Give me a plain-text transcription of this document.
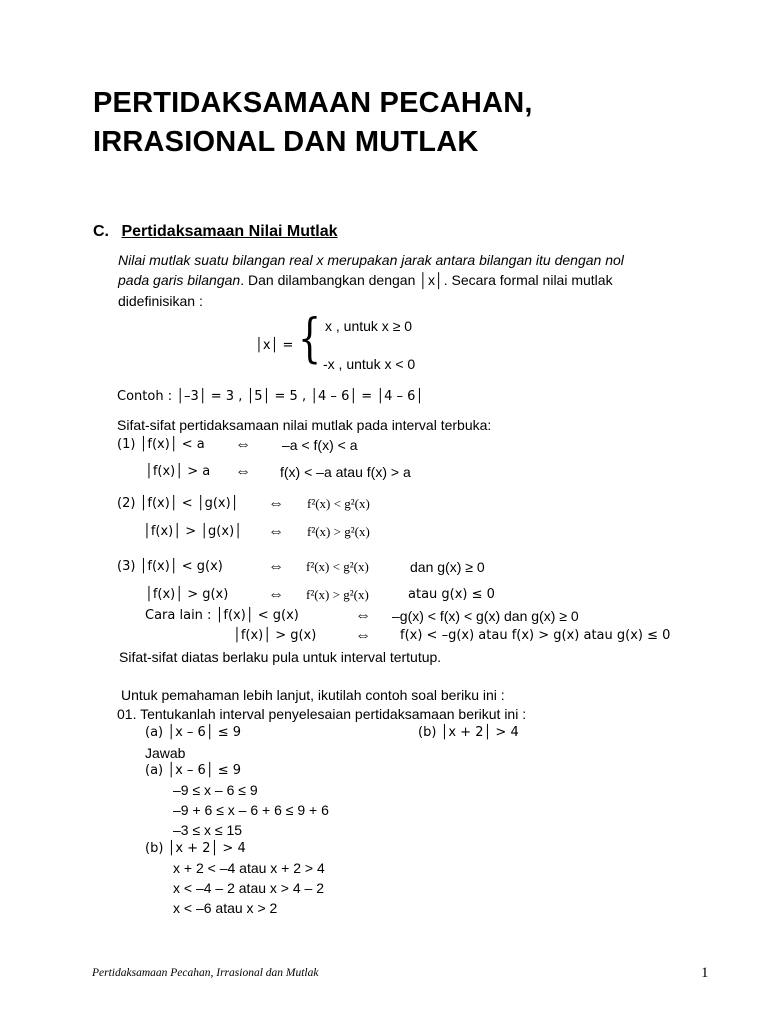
PERTIDAKSAMAAN PECAHAN,
IRRASIONAL DAN MUTLAK
C. Pertidaksamaan Nilai Mutlak
Nilai mutlak suatu bilangan real x merupakan jarak antara bilangan itu dengan nol
pada garis bilangan. Dan dilambangkan dengan │x│. Secara formal nilai mutlak
didefinisikan :
│x│ = { x , untuk x ≥ 0
-x , untuk x < 0
Contoh : │–3│ = 3 , │5│ = 5 , │4 – 6│ = │4 – 6│
Sifat-sifat pertidaksamaan nilai mutlak pada interval terbuka:
(1) │f(x)│ < a ⇔ –a < f(x) < a
│f(x)│ > a ⇔ f(x) < –a atau f(x) > a
(2) │f(x)│ < │g(x)│ ⇔ f²(x) < g²(x)
│f(x)│ > │g(x)│ ⇔ f²(x) > g²(x)
(3) │f(x)│ < g(x)	⇔ f²(x) < g²(x)	dan g(x) ≥ 0
│f(x)│ > g(x) ⇔ f²(x) > g²(x)	atau g(x) ≤ 0
Cara lain : │f(x)│ < g(x)	⇔ –g(x) < f(x) < g(x) dan g(x) ≥ 0
│f(x)│ > g(x) ⇔ f(x) < –g(x) atau f(x) > g(x) atau g(x) ≤ 0
Sifat-sifat diatas berlaku pula untuk interval tertutup.
Untuk pemahaman lebih lanjut, ikutilah contoh soal beriku ini :
01. Tentukanlah interval penyelesaian pertidaksamaan berikut ini :
(a) │x – 6│ ≤ 9	(b) │x + 2│ > 4
Jawab
(a) │x – 6│ ≤ 9
–9 ≤ x – 6 ≤ 9
–9 + 6 ≤ x – 6 + 6 ≤ 9 + 6
–3 ≤ x ≤ 15
(b) │x + 2│ > 4
x + 2 < –4 atau x + 2 > 4
x < –4 – 2 atau x > 4 – 2
x < –6 atau x > 2
Pertidaksamaan Pecahan, Irrasional dan Mutlak	1
